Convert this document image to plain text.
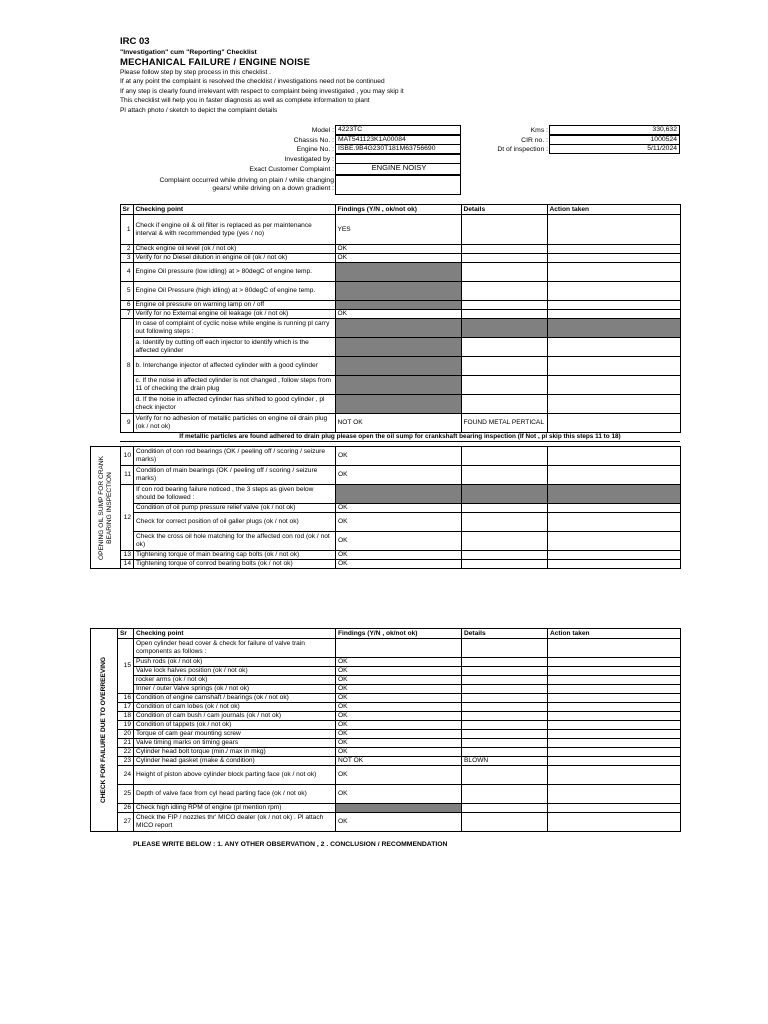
IRC 03
"Investigation" cum "Reporting" Checklist
MECHANICAL FAILURE / ENGINE NOISE
Please follow step by step process in this checklist .
If at any point the complaint is resolved the checklist / investigations need not be continued
If any step is clearly found irrelevant with respect to complaint being investigated , you may skip it
This checklist will help you in faster diagnosis as well as complete information to plant
Pl attach photo / sketch to depict the complaint details
Model : 4223TC
Chassis No. : MAT541123K1A00084
Engine No. : ISBE.9B4G230T181M63756690
Investigated by :
Exact Customer Complaint :	ENGINE NOISY
Complaint occurred while driving on plain / while changing
gears/ while driving on a down gradient :
Kms :	330,632
CIR no. :	1000524
Dt of inspection :	5/11/2024
	Sr	Checking point	Findings (Y/N , ok/not ok)	Details	Action taken
	1	Check if engine oil & oil filter is replaced as per maintenance interval & with recommended type (yes / no)	YES		
	2	Check engine oil level (ok / not ok)	OK		
	3	Verify for no Diesel dilution in engine oil (ok / not ok)	OK		
	4	Engine Oil pressure (low idling) at > 80degC of engine temp.			
	5	Engine Oil Pressure (high idling) at > 80degC of engine temp.			
	6	Engine oil pressure on warning lamp on / off			
	7	Verify for no External engine oil leakage (ok / not ok)	OK		
	8	In case of complaint of cyclic noise while engine is running pl carry out following steps :			
		a. Identify by cutting off each injector to identify which is the affected cylinder			
		b. Interchange injector of affected cylinder with a good cylinder			
		c. If the noise in affected cylinder is not changed , follow steps from 11 of checking the drain plug			
		d. If the noise in affected cylinder has shifted to good cylinder , pl check injector			
	9	Verify for no adhesion of metallic particles on engine oil drain plug (ok / not ok)	NOT OK	FOUND METAL PERTICAL	
	If metallic particles are found adhered to drain plug please open the oil sump for crankshaft bearing inspection (If Not , pl skip this steps 11 to 18)				
OPENING OIL SUMP FOR CRANK BEARING INSPECTION	10	Condition of con rod bearings (OK / peeling off / scoring / seizure marks)	OK		
	11	Condition of main bearings (OK / peeling off / scoring / seizure marks)	OK		
	12	If con rod bearing failure noticed , the 3 steps as given below should be followed :			
		Condition of oil pump pressure relief valve (ok / not ok)	OK		
		Check for correct position of oil galler plugs (ok / not ok)	OK		
		Check the cross oil hole matching for the affected con rod (ok / not ok)	OK		
	13	Tightening torque of main bearing cap bolts (ok / not ok)	OK		
	14	Tightening torque of conrod bearing bolts (ok / not ok)	OK		
CHECK FOR FAILURE DUE TO OVERREEVING	Sr	Checking point	Findings (Y/N , ok/not ok)	Details	Action taken
	15	Open cylinder head cover & check for failure of valve train components as follows :			
		Push rods (ok / not ok)	OK		
		Valve lock halves position (ok / not ok)	OK		
		rocker arms (ok / not ok)	OK		
		Inner / outer Valve springs (ok / not ok)	OK		
	16	Condition of engine camshaft / bearings (ok / not ok)	OK		
	17	Condition of cam lobes (ok / not ok)	OK		
	18	Condition of cam bush / cam journals (ok / not ok)	OK		
	19	Condition of tappets (ok / not ok)	OK		
	20	Torque of cam gear mounting screw	OK		
	21	Valve timing marks on timing gears	OK		
	22	Cylinder head bolt torque (min./ max in mkg)	OK		
	23	Cylinder head gasket (make & condition)	NOT OK	BLOWN	
	24	Height of piston above cylinder block parting face (ok / not ok)	OK		
	25	Depth of valve face from cyl head parting face (ok / not ok)	OK		
	26	Check high idling RPM of engine (pl mention rpm)			
	27	Check the FIP / nozzles thr' MICO dealer (ok / not ok) . Pl attach MICO report	OK		
PLEASE WRITE BELOW : 1. ANY OTHER OBSERVATION , 2 . CONCLUSION / RECOMMENDATION
